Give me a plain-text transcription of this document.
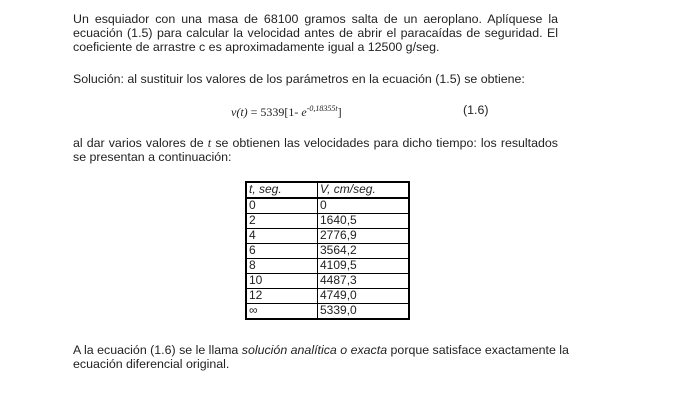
Un esquiador con una masa de 68100 gramos salta de un aeroplano. Aplíquese la ecuación (1.5) para calcular la velocidad antes de abrir el paracaídas de seguridad. El coeficiente de arrastre c es aproximadamente igual a 12500 g/seg.

Solución: al sustituir los valores de los parámetros en la ecuación (1.5) se obtiene:

v(t) = 5339[1- $e^{-0,18355t}$]	(1.6)

al dar varios valores de t se obtienen las velocidades para dicho tiempo: los resultados se presentan a continuación:

t, seg.	V, cm/seg.
0	0
2	1640,5
4	2776,9
6	3564,2
8	4109,5
10	4487,3
12	4749,0
∞	5339,0

A la ecuación (1.6) se le llama solución analítica o exacta porque satisface exactamente la ecuación diferencial original.
